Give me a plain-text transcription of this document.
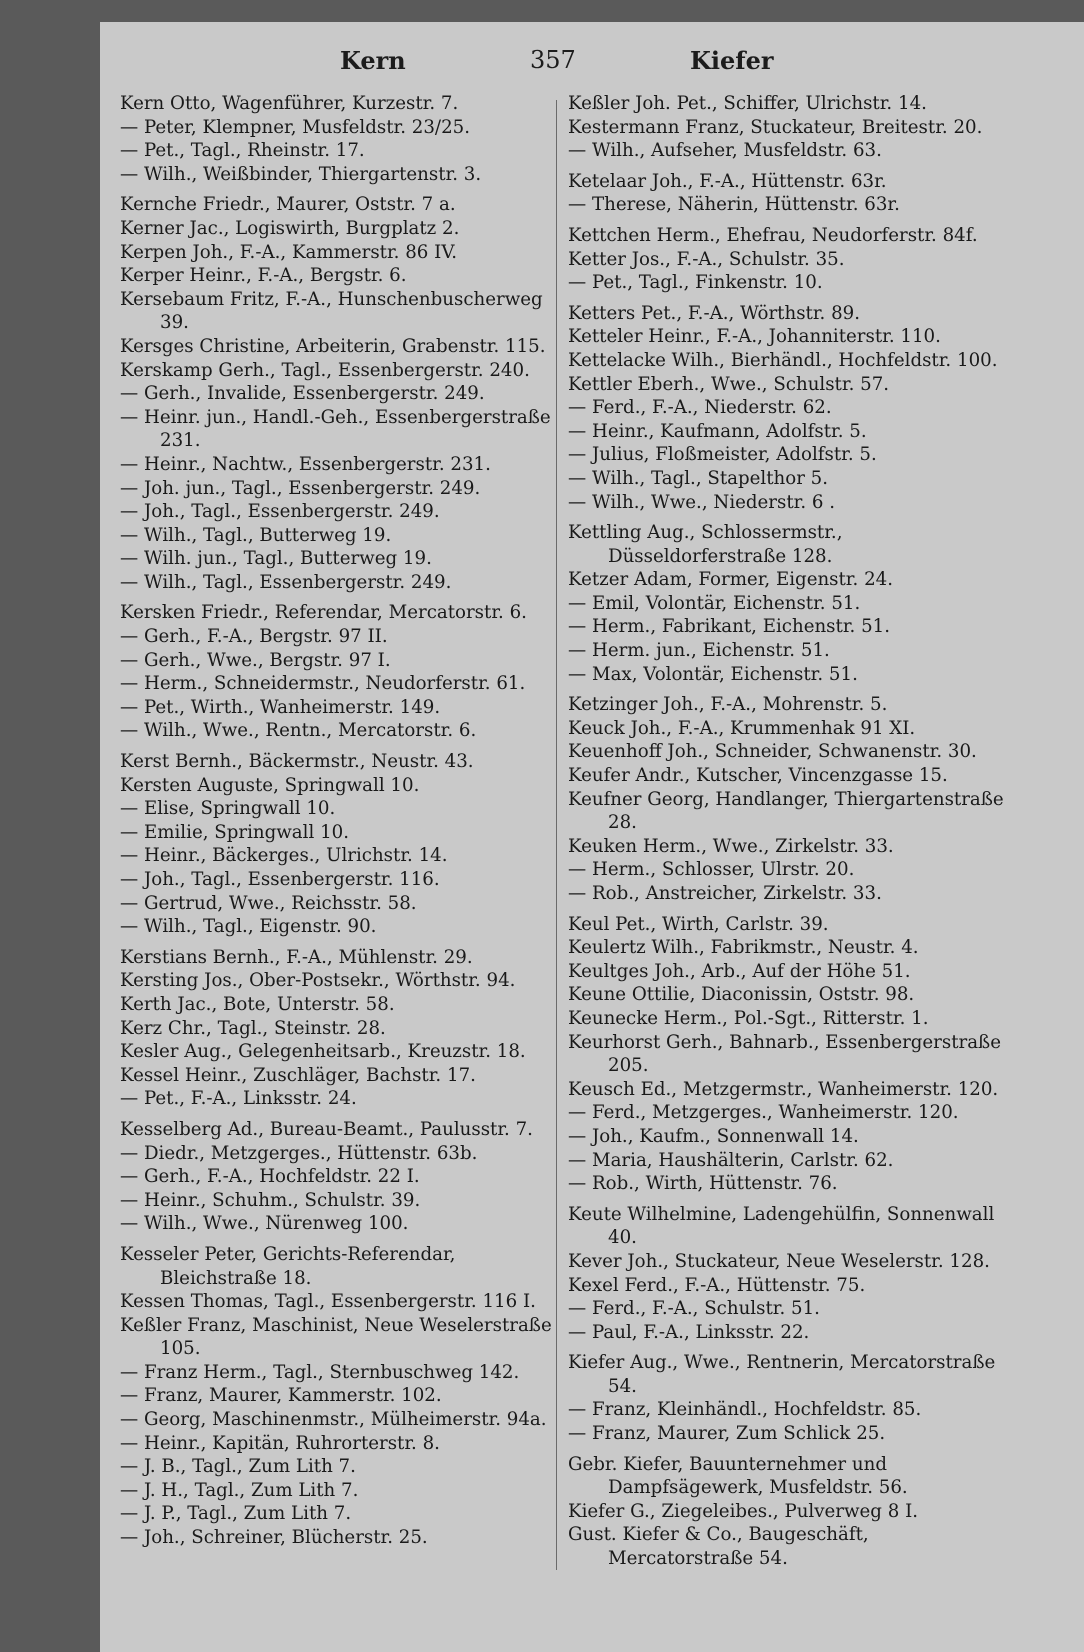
Kern	357	Kiefer
Kern Otto, Wagenführer, Kurzestr. 7.
— Peter, Klempner, Musfeldstr. 23/25.
— Pet., Tagl., Rheinstr. 17.
— Wilh., Weißbinder, Thiergartenstr. 3.
Kernche Friedr., Maurer, Oststr. 7 a.
Kerner Jac., Logiswirth, Burgplatz 2.
Kerpen Joh., F.-A., Kammerstr. 86 IV.
Kerper Heinr., F.-A., Bergstr. 6.
Kersebaum Fritz, F.-A., Hunschenbuscherweg 39.
Kersges Christine, Arbeiterin, Grabenstr. 115.
Kerskamp Gerh., Tagl., Essenbergerstr. 240.
— Gerh., Invalide, Essenbergerstr. 249.
— Heinr. jun., Handl.-Geh., Essenbergerstraße 231.
— Heinr., Nachtw., Essenbergerstr. 231.
— Joh. jun., Tagl., Essenbergerstr. 249.
— Joh., Tagl., Essenbergerstr. 249.
— Wilh., Tagl., Butterweg 19.
— Wilh. jun., Tagl., Butterweg 19.
— Wilh., Tagl., Essenbergerstr. 249.
Kersken Friedr., Referendar, Mercatorstr. 6.
— Gerh., F.-A., Bergstr. 97 II.
— Gerh., Wwe., Bergstr. 97 I.
— Herm., Schneidermstr., Neudorferstr. 61.
— Pet., Wirth., Wanheimerstr. 149.
— Wilh., Wwe., Rentn., Mercatorstr. 6.
Kerst Bernh., Bäckermstr., Neustr. 43.
Kersten Auguste, Springwall 10.
— Elise, Springwall 10.
— Emilie, Springwall 10.
— Heinr., Bäckerges., Ulrichstr. 14.
— Joh., Tagl., Essenbergerstr. 116.
— Gertrud, Wwe., Reichsstr. 58.
— Wilh., Tagl., Eigenstr. 90.
Kerstians Bernh., F.-A., Mühlenstr. 29.
Kersting Jos., Ober-Postsekr., Wörthstr. 94.
Kerth Jac., Bote, Unterstr. 58.
Kerz Chr., Tagl., Steinstr. 28.
Kesler Aug., Gelegenheitsarb., Kreuzstr. 18.
Kessel Heinr., Zuschläger, Bachstr. 17.
— Pet., F.-A., Linksstr. 24.
Kesselberg Ad., Bureau-Beamt., Paulusstr. 7.
— Diedr., Metzgerges., Hüttenstr. 63b.
— Gerh., F.-A., Hochfeldstr. 22 I.
— Heinr., Schuhm., Schulstr. 39.
— Wilh., Wwe., Nürenweg 100.
Kesseler Peter, Gerichts-Referendar, Bleichstraße 18.
Kessen Thomas, Tagl., Essenbergerstr. 116 I.
Keßler Franz, Maschinist, Neue Weselerstraße 105.
— Franz Herm., Tagl., Sternbuschweg 142.
— Franz, Maurer, Kammerstr. 102.
— Georg, Maschinenmstr., Mülheimerstr. 94a.
— Heinr., Kapitän, Ruhrorterstr. 8.
— J. B., Tagl., Zum Lith 7.
— J. H., Tagl., Zum Lith 7.
— J. P., Tagl., Zum Lith 7.
— Joh., Schreiner, Blücherstr. 25.
Keßler Joh. Pet., Schiffer, Ulrichstr. 14.
Kestermann Franz, Stuckateur, Breitestr. 20.
— Wilh., Aufseher, Musfeldstr. 63.
Ketelaar Joh., F.-A., Hüttenstr. 63r.
— Therese, Näherin, Hüttenstr. 63r.
Kettchen Herm., Ehefrau, Neudorferstr. 84f.
Ketter Jos., F.-A., Schulstr. 35.
— Pet., Tagl., Finkenstr. 10.
Ketters Pet., F.-A., Wörthstr. 89.
Ketteler Heinr., F.-A., Johanniterstr. 110.
Kettelacke Wilh., Bierhändl., Hochfeldstr. 100.
Kettler Eberh., Wwe., Schulstr. 57.
— Ferd., F.-A., Niederstr. 62.
— Heinr., Kaufmann, Adolfstr. 5.
— Julius, Floßmeister, Adolfstr. 5.
— Wilh., Tagl., Stapelthor 5.
— Wilh., Wwe., Niederstr. 6 .
Kettling Aug., Schlossermstr., Düsseldorferstraße 128.
Ketzer Adam, Former, Eigenstr. 24.
— Emil, Volontär, Eichenstr. 51.
— Herm., Fabrikant, Eichenstr. 51.
— Herm. jun., Eichenstr. 51.
— Max, Volontär, Eichenstr. 51.
Ketzinger Joh., F.-A., Mohrenstr. 5.
Keuck Joh., F.-A., Krummenhak 91 XI.
Keuenhoff Joh., Schneider, Schwanenstr. 30.
Keufer Andr., Kutscher, Vincenzgasse 15.
Keufner Georg, Handlanger, Thiergartenstraße 28.
Keuken Herm., Wwe., Zirkelstr. 33.
— Herm., Schlosser, Ulrstr. 20.
— Rob., Anstreicher, Zirkelstr. 33.
Keul Pet., Wirth, Carlstr. 39.
Keulertz Wilh., Fabrikmstr., Neustr. 4.
Keultges Joh., Arb., Auf der Höhe 51.
Keune Ottilie, Diaconissin, Oststr. 98.
Keunecke Herm., Pol.-Sgt., Ritterstr. 1.
Keurhorst Gerh., Bahnarb., Essenbergerstraße 205.
Keusch Ed., Metzgermstr., Wanheimerstr. 120.
— Ferd., Metzgerges., Wanheimerstr. 120.
— Joh., Kaufm., Sonnenwall 14.
— Maria, Haushälterin, Carlstr. 62.
— Rob., Wirth, Hüttenstr. 76.
Keute Wilhelmine, Ladengehülfin, Sonnenwall 40.
Kever Joh., Stuckateur, Neue Weselerstr. 128.
Kexel Ferd., F.-A., Hüttenstr. 75.
— Ferd., F.-A., Schulstr. 51.
— Paul, F.-A., Linksstr. 22.
Kiefer Aug., Wwe., Rentnerin, Mercatorstraße 54.
— Franz, Kleinhändl., Hochfeldstr. 85.
— Franz, Maurer, Zum Schlick 25.
Gebr. Kiefer, Bauunternehmer und Dampfsägewerk, Musfeldstr. 56.
Kiefer G., Ziegeleibes., Pulverweg 8 I.
Gust. Kiefer & Co., Baugeschäft, Mercatorstraße 54.
